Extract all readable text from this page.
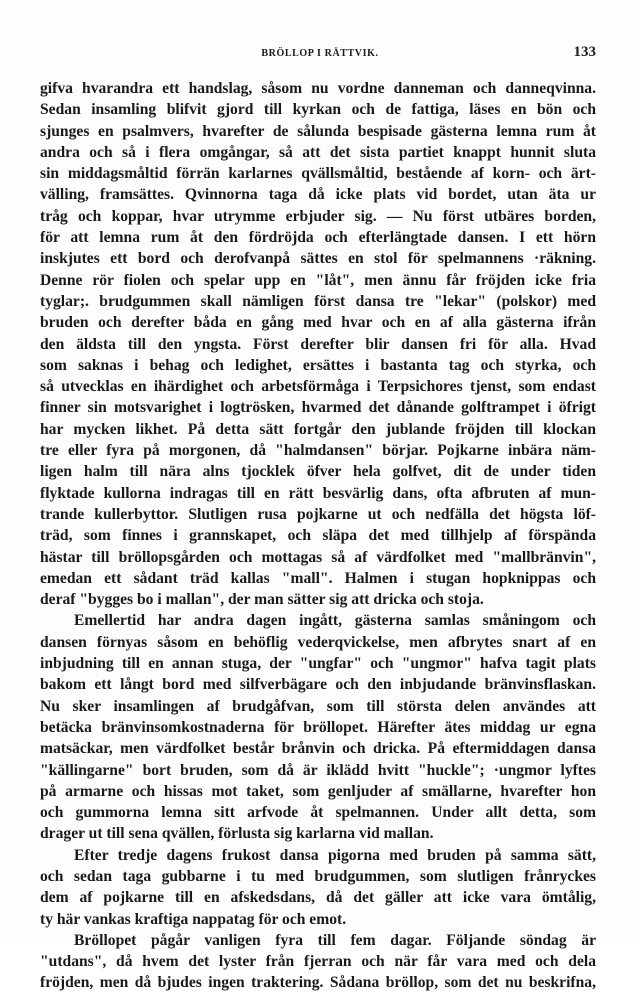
BRÖLLOP I RÄTTVIK.	133
gifva hvarandra ett handslag, såsom nu vordne danneman och danneqvinna.
Sedan insamling blifvit gjord till kyrkan och de fattiga, läses en bön och
sjunges en psalmvers, hvarefter de sålunda bespisade gästerna lemna rum åt
andra och så i flera omgångar, så att det sista partiet knappt hunnit sluta
sin middagsmåltid förrän karlarnes qvällsmåltid, bestående af korn- och ärt-
välling, framsättes. Qvinnorna taga då icke plats vid bordet, utan äta ur
tråg och koppar, hvar utrymme erbjuder sig. — Nu först utbäres borden,
för att lemna rum åt den fördröjda och efterlängtade dansen. I ett hörn
inskjutes ett bord och derofvanpå sättes en stol för spelmannens ·räkning.
Denne rör fiolen och spelar upp en "låt", men ännu får fröjden icke fria
tyglar;. brudgummen skall nämligen först dansa tre "lekar" (polskor) med
bruden och derefter båda en gång med hvar och en af alla gästerna ifrån
den äldsta till den yngsta. Först derefter blir dansen fri för alla. Hvad
som saknas i behag och ledighet, ersättes i bastanta tag och styrka, och
så utvecklas en ihärdighet och arbetsförmåga i Terpsichores tjenst, som endast
finner sin motsvarighet i logtrösken, hvarmed det dånande golftrampet i öfrigt
har mycken likhet. På detta sätt fortgår den jublande fröjden till klockan
tre eller fyra på morgonen, då "halmdansen" börjar. Pojkarne inbära näm-
ligen halm till nära alns tjocklek öfver hela golfvet, dit de under tiden
flyktade kullorna indragas till en rätt besvärlig dans, ofta afbruten af mun-
trande kullerbyttor. Slutligen rusa pojkarne ut och nedfälla det högsta löf-
träd, som finnes i grannskapet, och släpa det med tillhjelp af förspända
hästar till bröllopsgården och mottagas så af värdfolket med "mallbränvin",
emedan ett sådant träd kallas "mall". Halmen i stugan hopknippas och
deraf "bygges bo i mallan", der man sätter sig att dricka och stoja.
Emellertid har andra dagen ingått, gästerna samlas småningom och
dansen förnyas såsom en behöflig vederqvickelse, men afbrytes snart af en
inbjudning till en annan stuga, der "ungfar" och "ungmor" hafva tagit plats
bakom ett långt bord med silfverbägare och den inbjudande bränvinsflaskan.
Nu sker insamlingen af brudgåfvan, som till största delen användes att
betäcka bränvinsomkostnaderna för bröllopet. Härefter ätes middag ur egna
matsäckar, men värdfolket består brånvin och dricka. På eftermiddagen dansa
"källingarne" bort bruden, som då är iklädd hvitt "huckle"; ·ungmor lyftes
på armarne och hissas mot taket, som genljuder af smällarne, hvarefter hon
och gummorna lemna sitt arfvode åt spelmannen. Under allt detta, som
drager ut till sena qvällen, förlusta sig karlarna vid mallan.
Efter tredje dagens frukost dansa pigorna med bruden på samma sätt,
och sedan taga gubbarne i tu med brudgummen, som slutligen frånryckes
dem af pojkarne till en afskedsdans, då det gäller att icke vara ömtålig,
ty här vankas kraftiga nappatag för och emot.
Bröllopet pågår vanligen fyra till fem dagar. Följande söndag är
"utdans", då hvem det lyster från fjerran och när får vara med och dela
fröjden, men då bjudes ingen traktering. Sådana bröllop, som det nu beskrifna,
